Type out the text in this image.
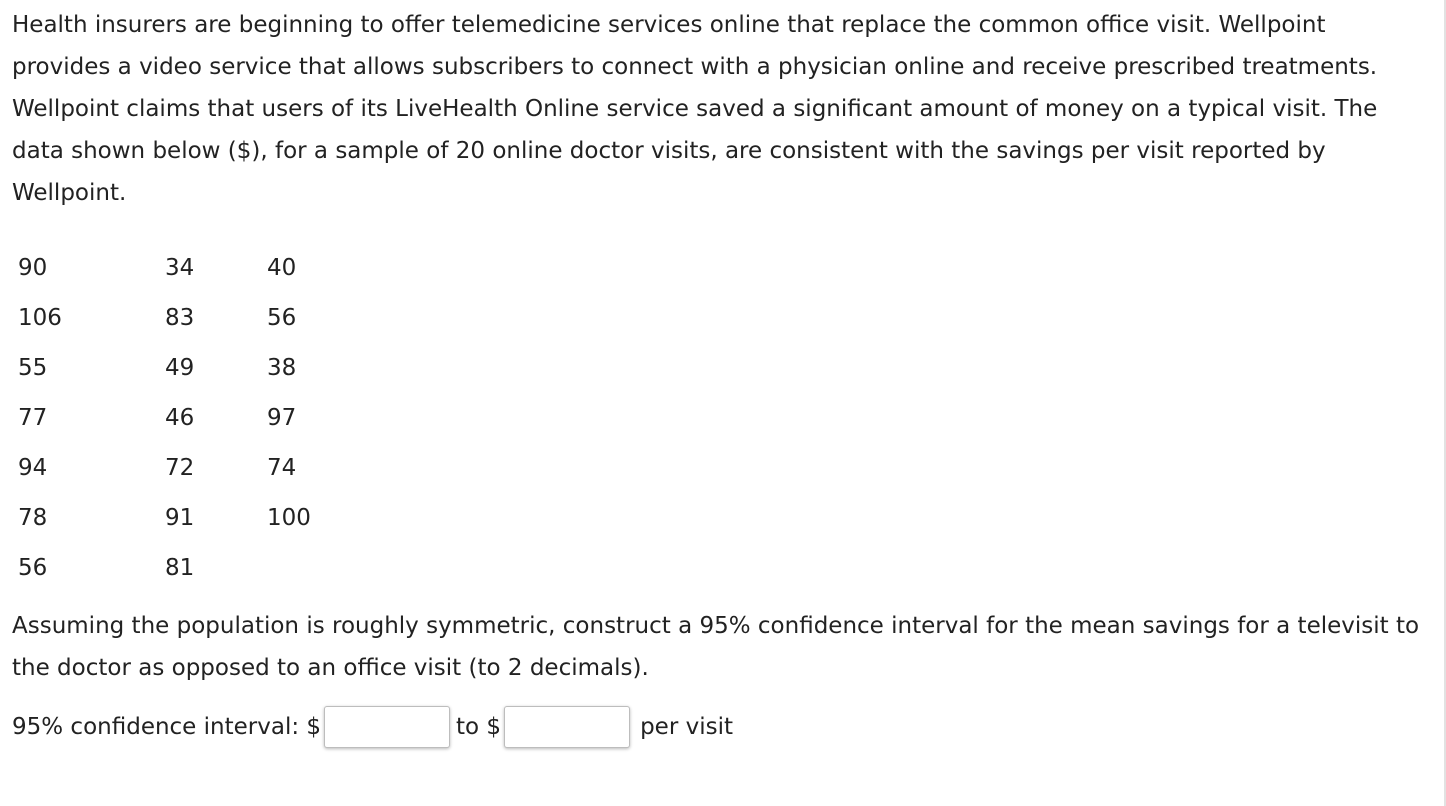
Health insurers are beginning to offer telemedicine services online that replace the common office visit. Wellpoint provides a video service that allows subscribers to connect with a physician online and receive prescribed treatments. Wellpoint claims that users of its LiveHealth Online service saved a significant amount of money on a typical visit. The data shown below ($), for a sample of 20 online doctor visits, are consistent with the savings per visit reported by Wellpoint.

90	34	40
106	83	56
55	49	38
77	46	97
94	72	74
78	91	100
56	81	

Assuming the population is roughly symmetric, construct a 95% confidence interval for the mean savings for a televisit to the doctor as opposed to an office visit (to 2 decimals).

95% confidence interval: $	to $	per visit
